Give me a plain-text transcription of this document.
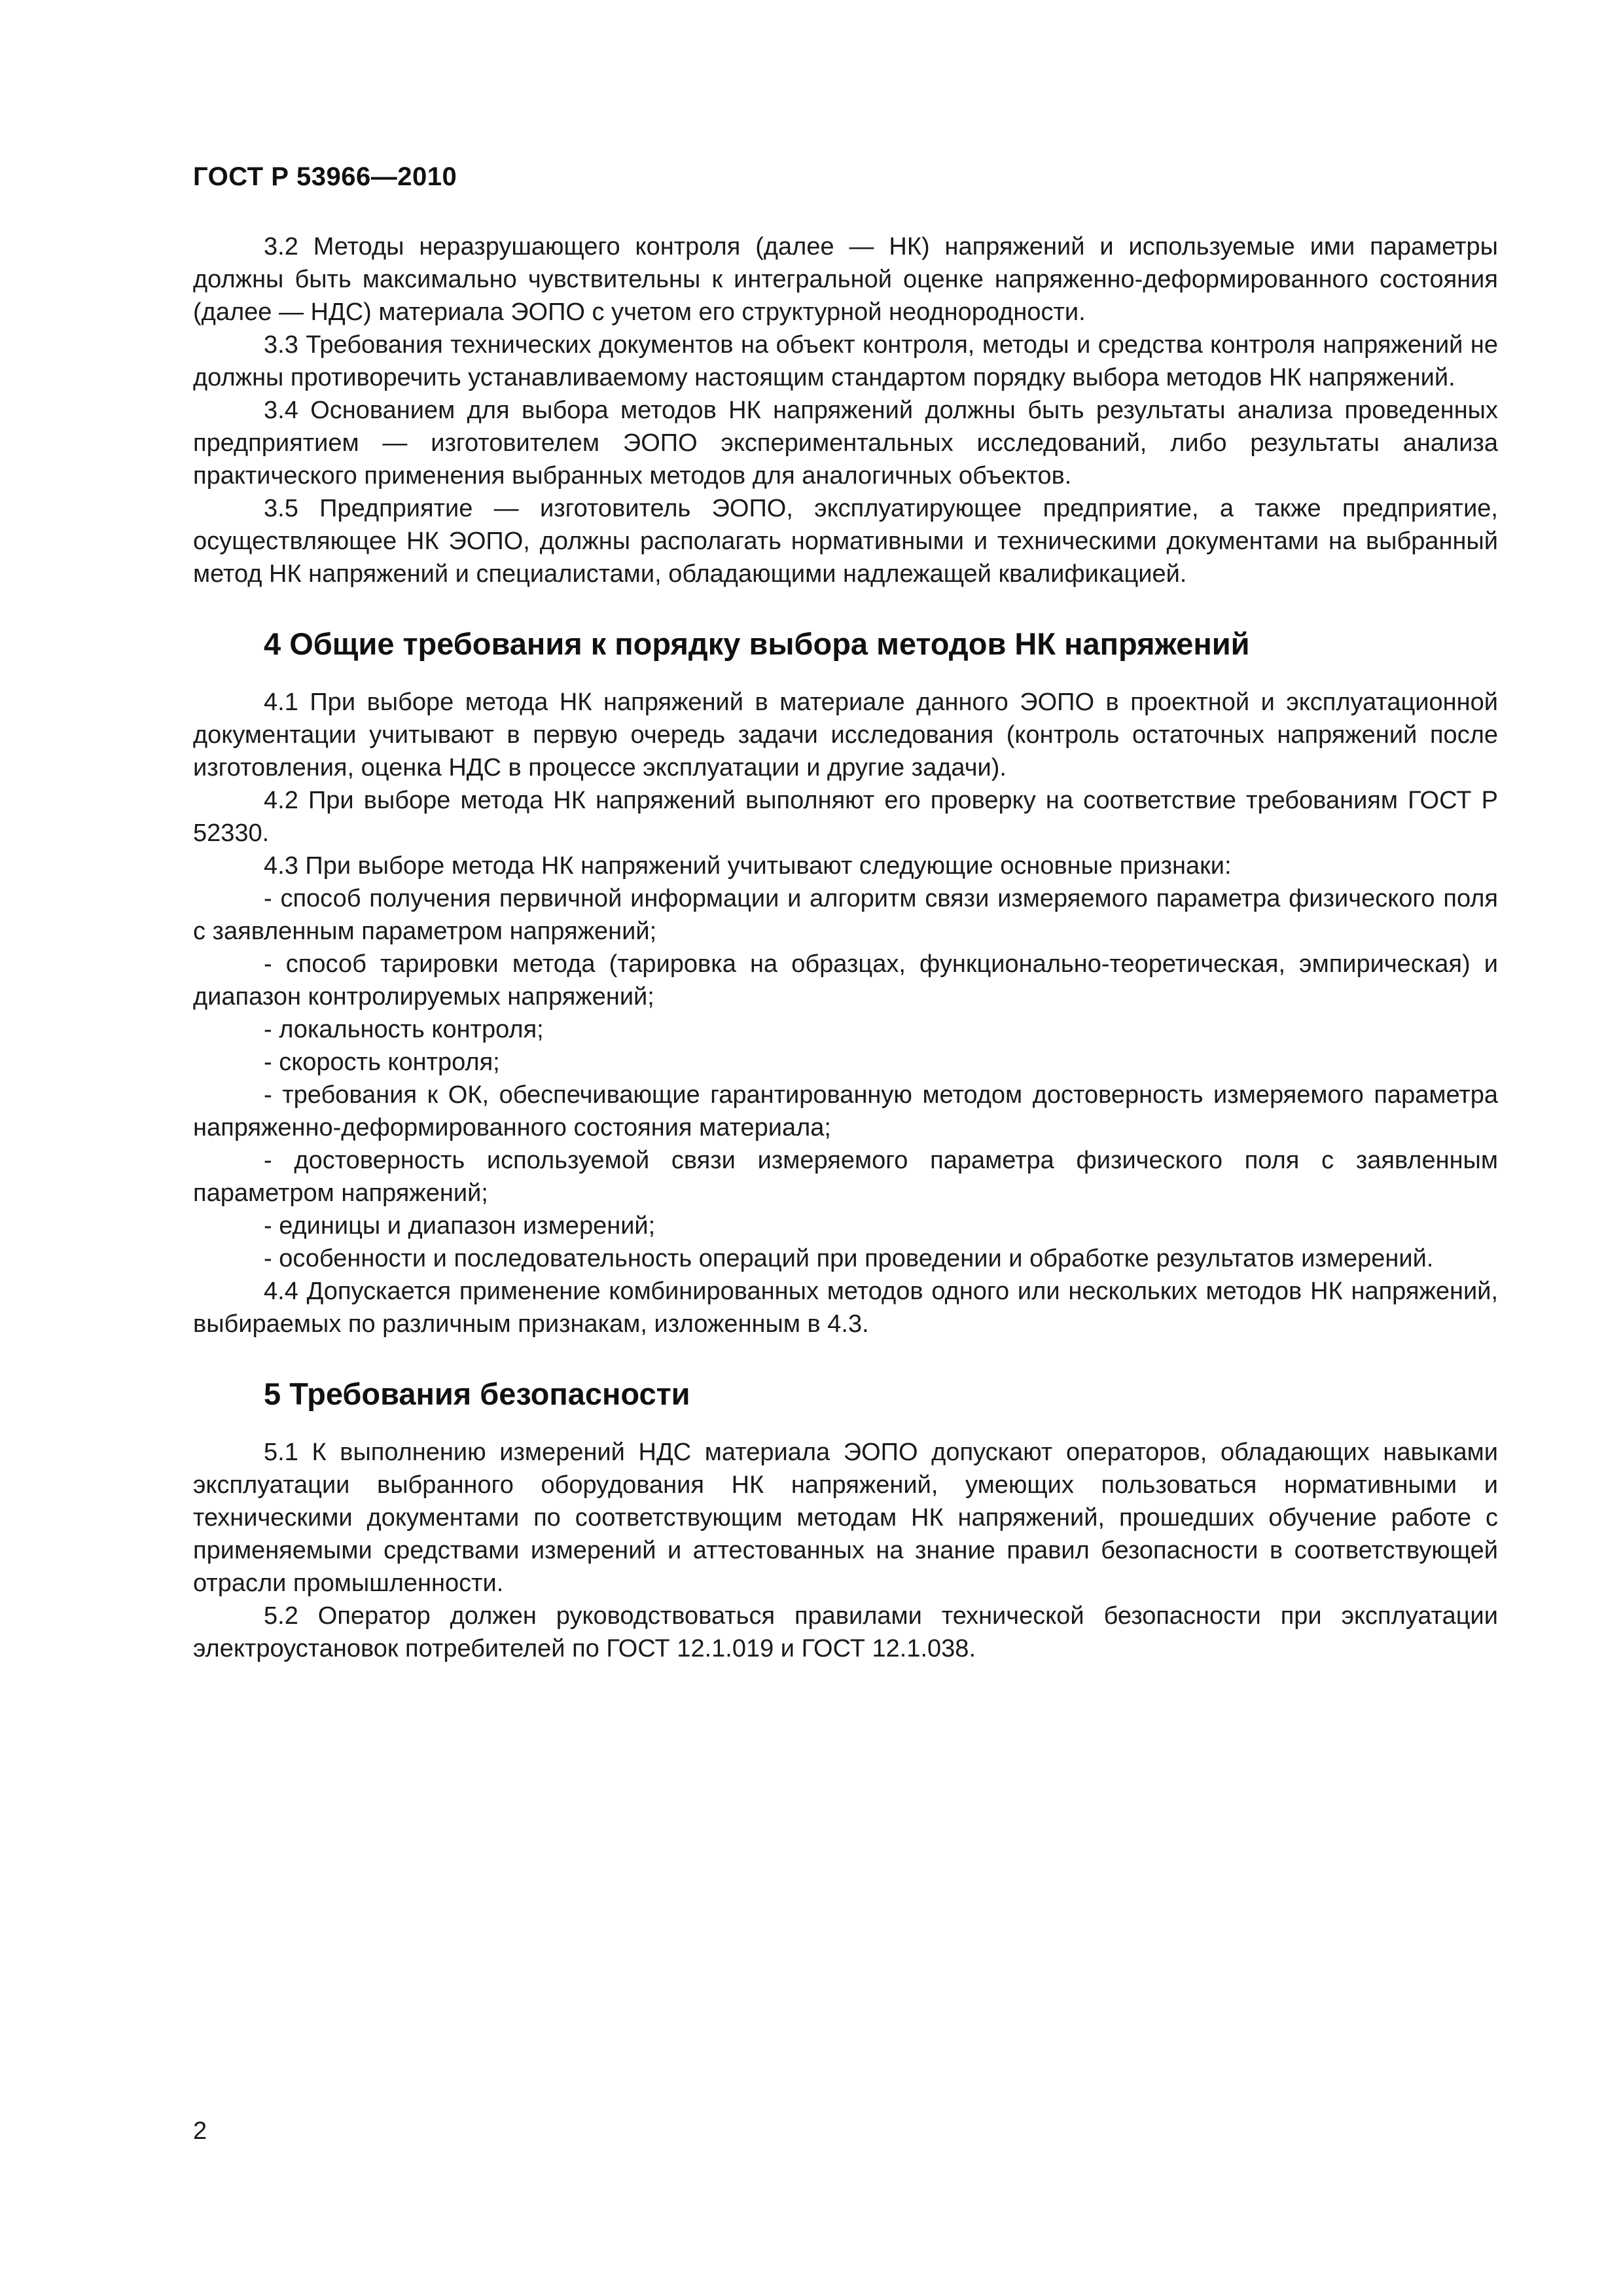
ГОСТ Р 53966—2010

3.2 Методы неразрушающего контроля (далее — НК) напряжений и используемые ими параметры должны быть максимально чувствительны к интегральной оценке напряженно-деформированного состояния (далее — НДС) материала ЭОПО с учетом его структурной неоднородности.

3.3 Требования технических документов на объект контроля, методы и средства контроля напряжений не должны противоречить устанавливаемому настоящим стандартом порядку выбора методов НК напряжений.

3.4 Основанием для выбора методов НК напряжений должны быть результаты анализа проведенных предприятием — изготовителем ЭОПО экспериментальных исследований, либо результаты анализа практического применения выбранных методов для аналогичных объектов.

3.5 Предприятие — изготовитель ЭОПО, эксплуатирующее предприятие, а также предприятие, осуществляющее НК ЭОПО, должны располагать нормативными и техническими документами на выбранный метод НК напряжений и специалистами, обладающими надлежащей квалификацией.

4 Общие требования к порядку выбора методов НК напряжений

4.1 При выборе метода НК напряжений в материале данного ЭОПО в проектной и эксплуатационной документации учитывают в первую очередь задачи исследования (контроль остаточных напряжений после изготовления, оценка НДС в процессе эксплуатации и другие задачи).

4.2 При выборе метода НК напряжений выполняют его проверку на соответствие требованиям ГОСТ Р 52330.

4.3 При выборе метода НК напряжений учитывают следующие основные признаки:

- способ получения первичной информации и алгоритм связи измеряемого параметра физического поля с заявленным параметром напряжений;

- способ тарировки метода (тарировка на образцах, функционально-теоретическая, эмпирическая) и диапазон контролируемых напряжений;

- локальность контроля;

- скорость контроля;

- требования к ОК, обеспечивающие гарантированную методом достоверность измеряемого параметра напряженно-деформированного состояния материала;

- достоверность используемой связи измеряемого параметра физического поля с заявленным параметром напряжений;

- единицы и диапазон измерений;

- особенности и последовательность операций при проведении и обработке результатов измерений.

4.4 Допускается применение комбинированных методов одного или нескольких методов НК напряжений, выбираемых по различным признакам, изложенным в 4.3.

5 Требования безопасности

5.1 К выполнению измерений НДС материала ЭОПО допускают операторов, обладающих навыками эксплуатации выбранного оборудования НК напряжений, умеющих пользоваться нормативными и техническими документами по соответствующим методам НК напряжений, прошедших обучение работе с применяемыми средствами измерений и аттестованных на знание правил безопасности в соответствующей отрасли промышленности.

5.2 Оператор должен руководствоваться правилами технической безопасности при эксплуатации электроустановок потребителей по ГОСТ 12.1.019 и ГОСТ 12.1.038.

2
